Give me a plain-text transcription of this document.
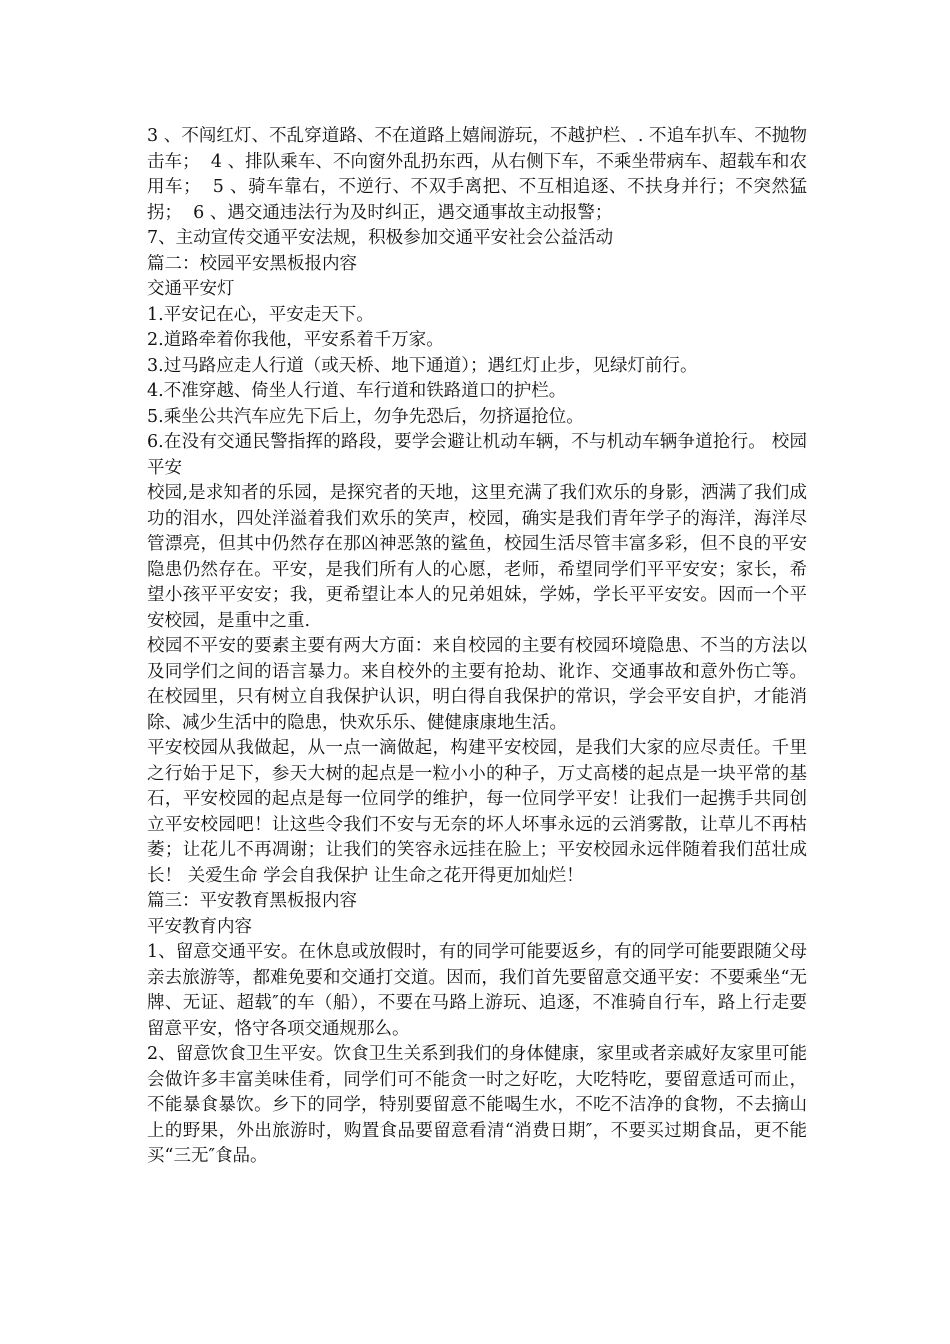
3 、不闯红灯、不乱穿道路、不在道路上嬉闹游玩，不越护栏、. 不追车扒车、不抛物击车；  4 、排队乘车、不向窗外乱扔东西，从右侧下车，不乘坐带病车、超载车和农用车；  5 、骑车靠右，不逆行、不双手离把、不互相追逐、不扶身并行；不突然猛拐；  6 、遇交通违法行为及时纠正，遇交通事故主动报警；

7、主动宣传交通平安法规，积极参加交通平安社会公益活动

篇二：校园平安黑板报内容

交通平安灯

1.平安记在心，平安走天下。

2.道路牵着你我他，平安系着千万家。

3.过马路应走人行道（或天桥、地下通道）；遇红灯止步，见绿灯前行。

4.不准穿越、倚坐人行道、车行道和铁路道口的护栏。

5.乘坐公共汽车应先下后上，勿争先恐后，勿挤逼抢位。

6.在没有交通民警指挥的路段，要学会避让机动车辆，不与机动车辆争道抢行。 校园平安

校园,是求知者的乐园，是探究者的天地，这里充满了我们欢乐的身影，洒满了我们成功的泪水，四处洋溢着我们欢乐的笑声，校园，确实是我们青年学子的海洋，海洋尽管漂亮，但其中仍然存在那凶神恶煞的鲨鱼，校园生活尽管丰富多彩，但不良的平安隐患仍然存在。平安，是我们所有人的心愿，老师，希望同学们平平安安；家长，希望小孩平平安安；我，更希望让本人的兄弟姐妹，学姊，学长平平安安。因而一个平安校园，是重中之重.

校园不平安的要素主要有两大方面：来自校园的主要有校园环境隐患、不当的方法以及同学们之间的语言暴力。来自校外的主要有抢劫、讹诈、交通事故和意外伤亡等。在校园里，只有树立自我保护认识，明白得自我保护的常识，学会平安自护，才能消除、减少生活中的隐患，快欢乐乐、健健康康地生活。

平安校园从我做起，从一点一滴做起，构建平安校园，是我们大家的应尽责任。千里之行始于足下，参天大树的起点是一粒小小的种子，万丈高楼的起点是一块平常的基石，平安校园的起点是每一位同学的维护，每一位同学平安！让我们一起携手共同创立平安校园吧！让这些令我们不安与无奈的坏人坏事永远的云消雾散，让草儿不再枯萎；让花儿不再凋谢；让我们的笑容永远挂在脸上；平安校园永远伴随着我们茁壮成长！ 关爱生命 学会自我保护 让生命之花开得更加灿烂！

篇三：平安教育黑板报内容

平安教育内容

1、留意交通平安。在休息或放假时，有的同学可能要返乡，有的同学可能要跟随父母亲去旅游等，都难免要和交通打交道。因而，我们首先要留意交通平安：不要乘坐“无牌、无证、超载″的车（船），不要在马路上游玩、追逐，不准骑自行车，路上行走要留意平安，恪守各项交通规那么。

2、留意饮食卫生平安。饮食卫生关系到我们的身体健康，家里或者亲戚好友家里可能会做许多丰富美味佳肴，同学们可不能贪一时之好吃，大吃特吃，要留意适可而止，不能暴食暴饮。乡下的同学，特别要留意不能喝生水，不吃不洁净的食物，不去摘山上的野果，外出旅游时，购置食品要留意看清“消费日期″，不要买过期食品，更不能买“三无″食品。
